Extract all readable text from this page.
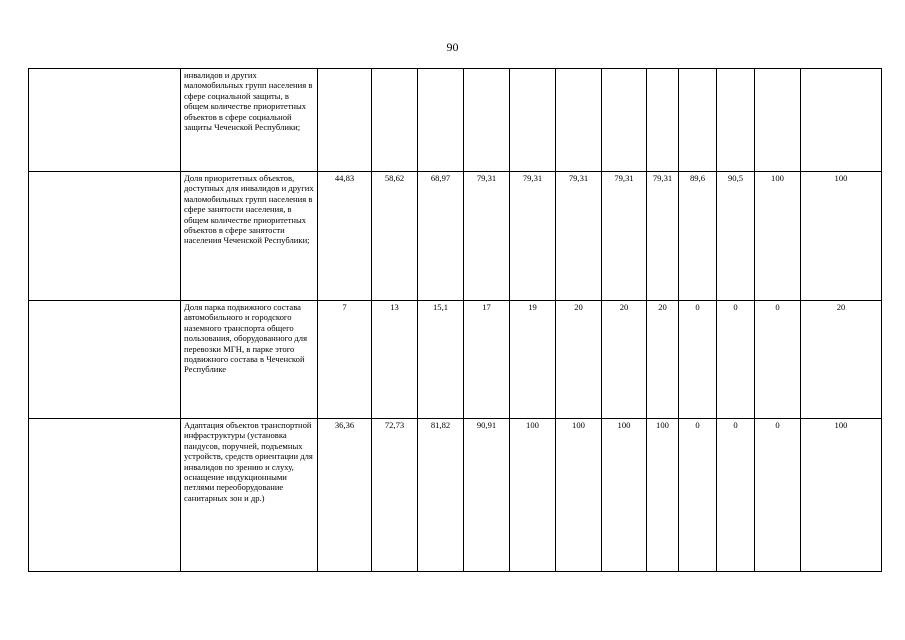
90
	инвалидов и других маломобильных групп населения в сфере социальной защиты, в общем количестве приоритетных объектов в сфере социальной защиты Чеченской Республики;												
	Доля приоритетных объектов, доступных для инвалидов и других маломобильных групп населения в сфере занятости населения, в общем количестве приоритетных объектов в сфере занятости населения Чеченской Республики;	44,83	58,62	68,97	79,31	79,31	79,31	79,31	79,31	89,6	90,5	100	100
	Доля парка подвижного состава автомобильного и городского наземного транспорта общего пользования, оборудованного для перевозки МГН, в парке этого подвижного состава в Чеченской Республике	7	13	15,1	17	19	20	20	20	0	0	0	20
	Адаптация объектов транспортной инфраструктуры (установка пандусов, поручней, подъемных устройств, средств ориентации для инвалидов по зрению и слуху, оснащение индукционными петлями переоборудование санитарных зон и др.)	36,36	72,73	81,82	90,91	100	100	100	100	0	0	0	100
